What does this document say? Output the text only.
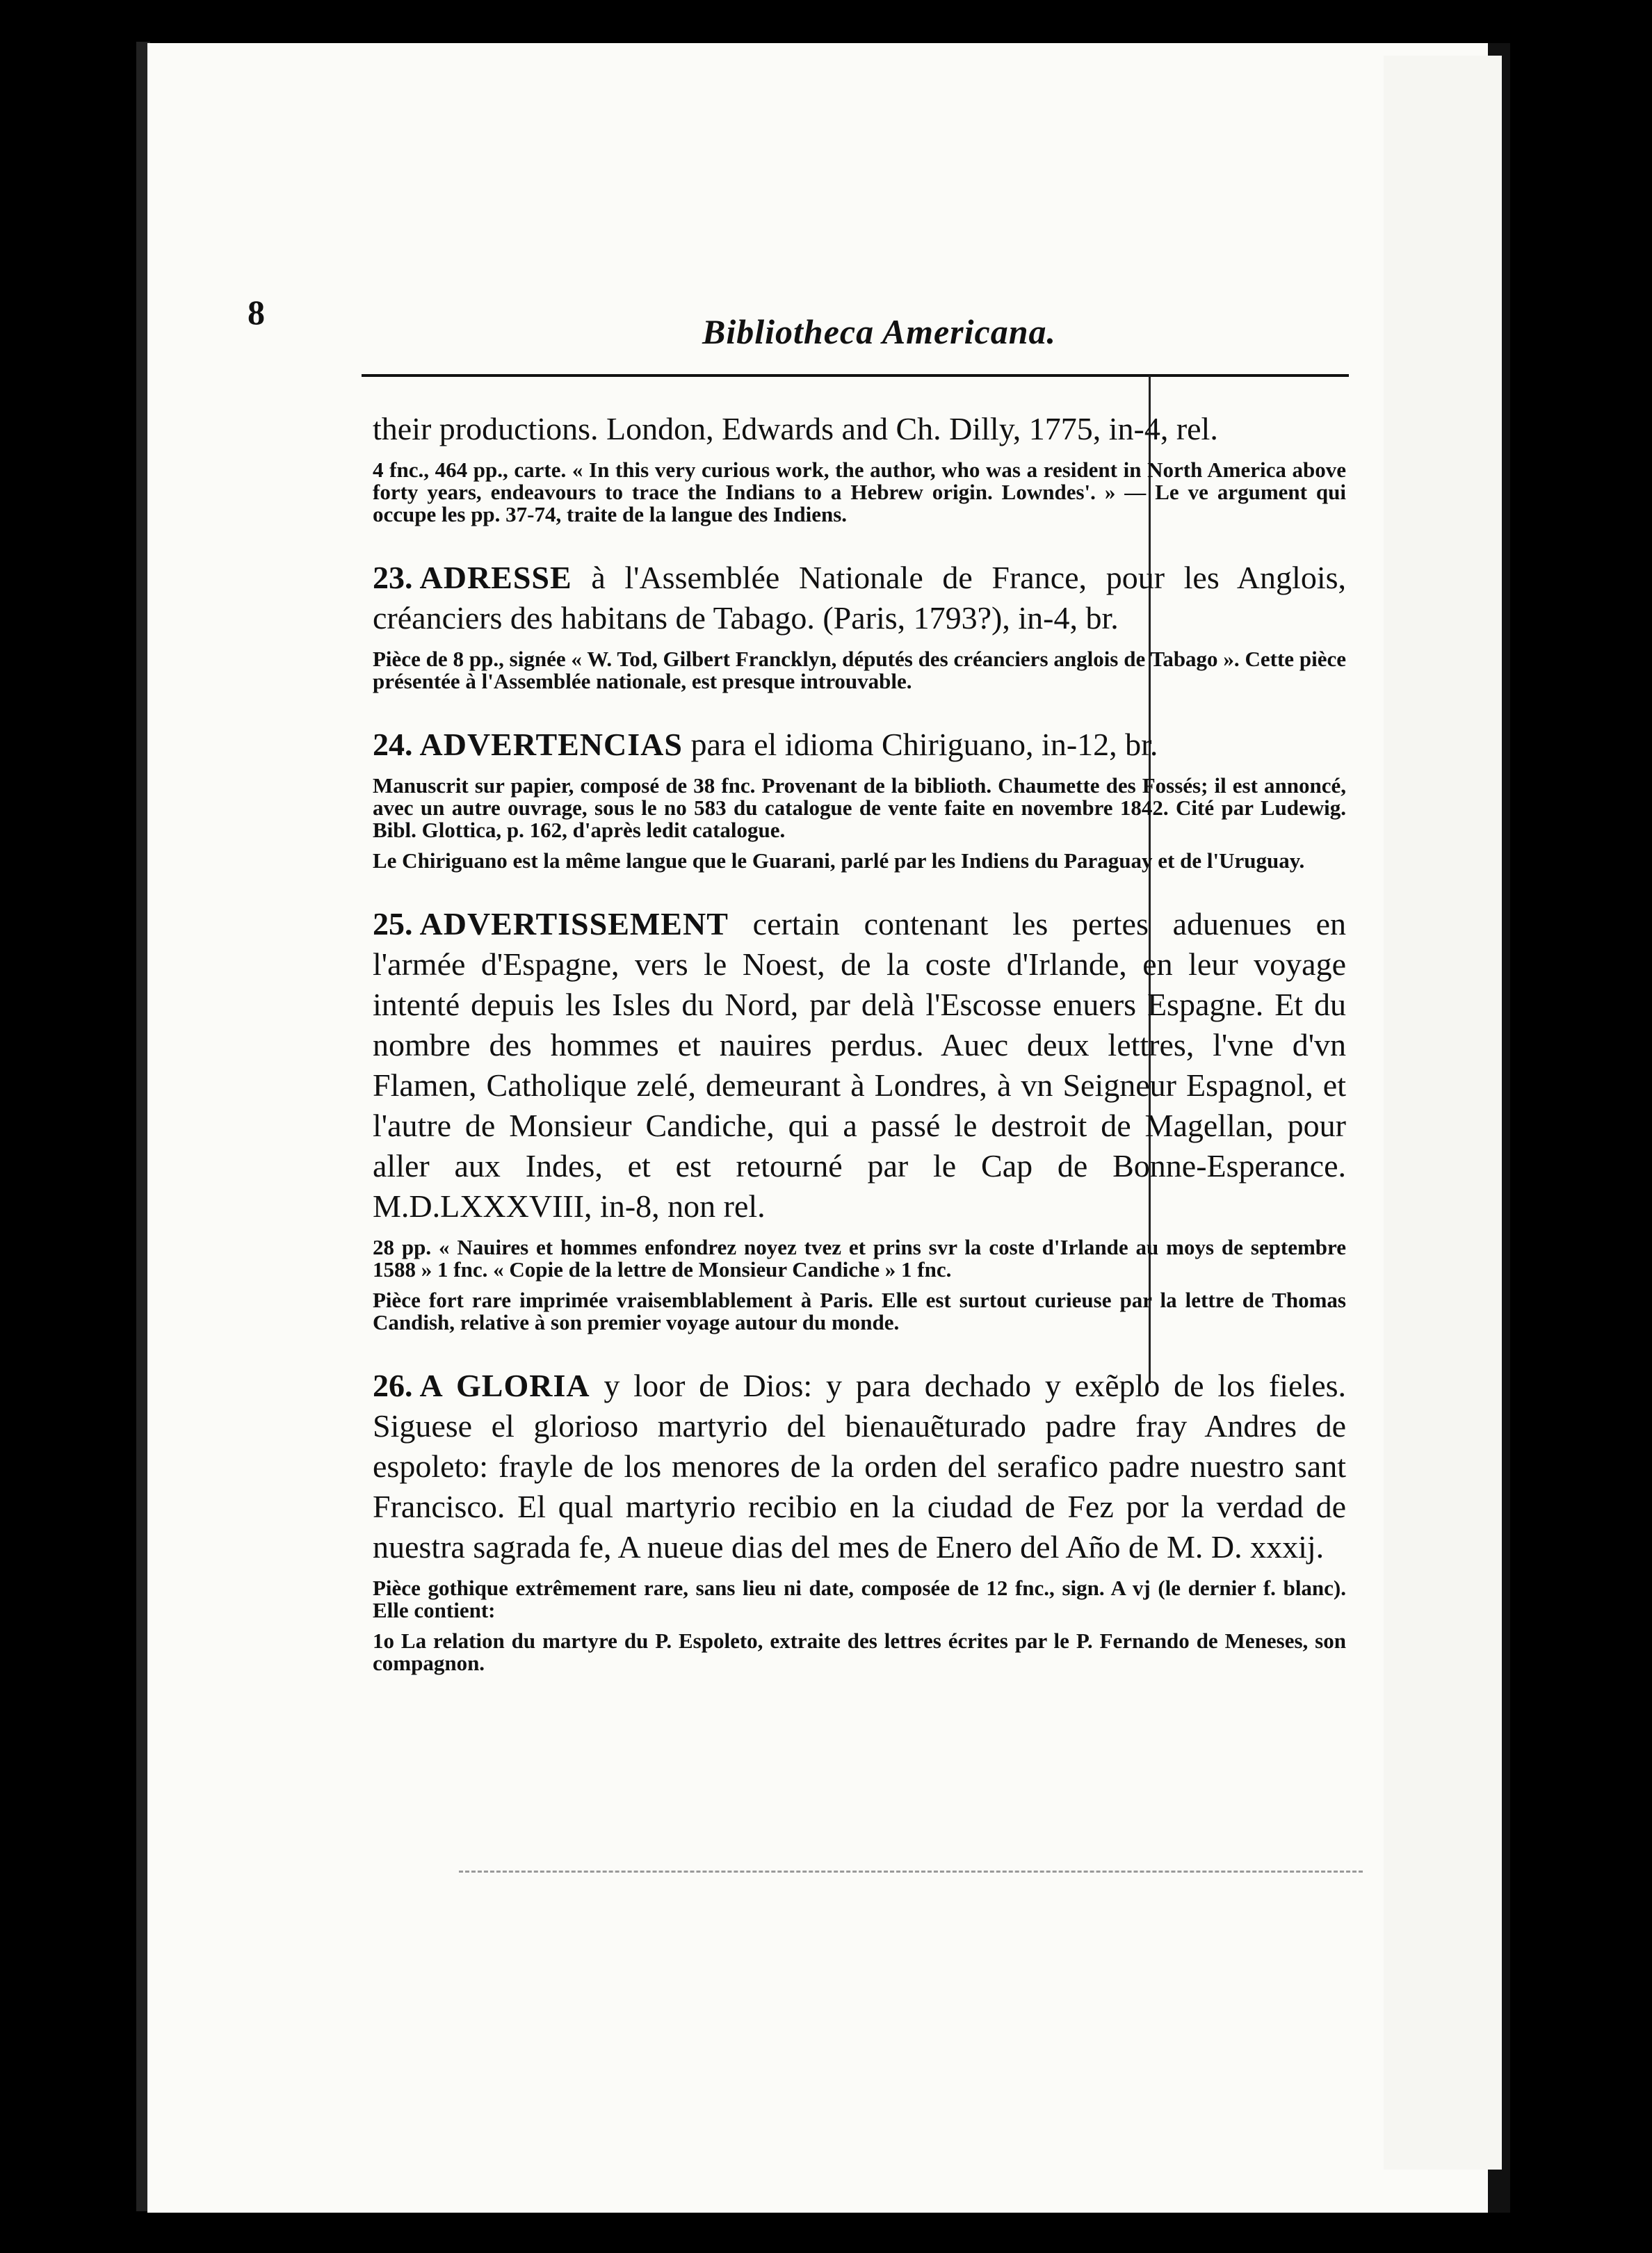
8	Bibliotheca Americana.

their productions. London, Edwards and Ch. Dilly, 1775, in-4, rel.

4 fnc., 464 pp., carte. « In this very curious work, the author, who was a resident in North America above forty years, endeavours to trace the Indians to a Hebrew origin. Lowndes'. » — Le ve argument qui occupe les pp. 37-74, traite de la langue des Indiens.

23. ADRESSE à l'Assemblée Nationale de France, pour les Anglois, créanciers des habitans de Tabago. (Paris, 1793?), in-4, br.

Pièce de 8 pp., signée « W. Tod, Gilbert Francklyn, députés des créanciers anglois de Tabago ». Cette pièce présentée à l'Assemblée nationale, est presque introuvable.

24. ADVERTENCIAS para el idioma Chiriguano, in-12, br.

Manuscrit sur papier, composé de 38 fnc. Provenant de la biblioth. Chaumette des Fossés; il est annoncé, avec un autre ouvrage, sous le no 583 du catalogue de vente faite en novembre 1842. Cité par Ludewig. Bibl. Glottica, p. 162, d'après ledit catalogue.

Le Chiriguano est la même langue que le Guarani, parlé par les Indiens du Paraguay et de l'Uruguay.

25. ADVERTISSEMENT certain contenant les pertes aduenues en l'armée d'Espagne, vers le Noest, de la coste d'Irlande, en leur voyage intenté depuis les Isles du Nord, par delà l'Escosse enuers Espagne. Et du nombre des hommes et nauires perdus. Auec deux lettres, l'vne d'vn Flamen, Catholique zelé, demeurant à Londres, à vn Seigneur Espagnol, et l'autre de Monsieur Candiche, qui a passé le destroit de Magellan, pour aller aux Indes, et est retourné par le Cap de Bonne-Esperance. M.D.LXXXVIII, in-8, non rel.

28 pp. « Nauires et hommes enfondrez noyez tvez et prins svr la coste d'Irlande au moys de septembre 1588 » 1 fnc. « Copie de la lettre de Monsieur Candiche » 1 fnc.

Pièce fort rare imprimée vraisemblablement à Paris. Elle est surtout curieuse par la lettre de Thomas Candish, relative à son premier voyage autour du monde.

26. A GLORIA y loor de Dios: y para dechado y exẽplo de los fieles. Siguese el glorioso martyrio del bienauẽturado padre fray Andres de espoleto: frayle de los menores de la orden del serafico padre nuestro sant Francisco. El qual martyrio recibio en la ciudad de Fez por la verdad de nuestra sagrada fe, A nueue dias del mes de Enero del Año de M. D. xxxij.

Pièce gothique extrêmement rare, sans lieu ni date, composée de 12 fnc., sign. A vj (le dernier f. blanc). Elle contient:

1o La relation du martyre du P. Espoleto, extraite des lettres écrites par le P. Fernando de Meneses, son compagnon.
